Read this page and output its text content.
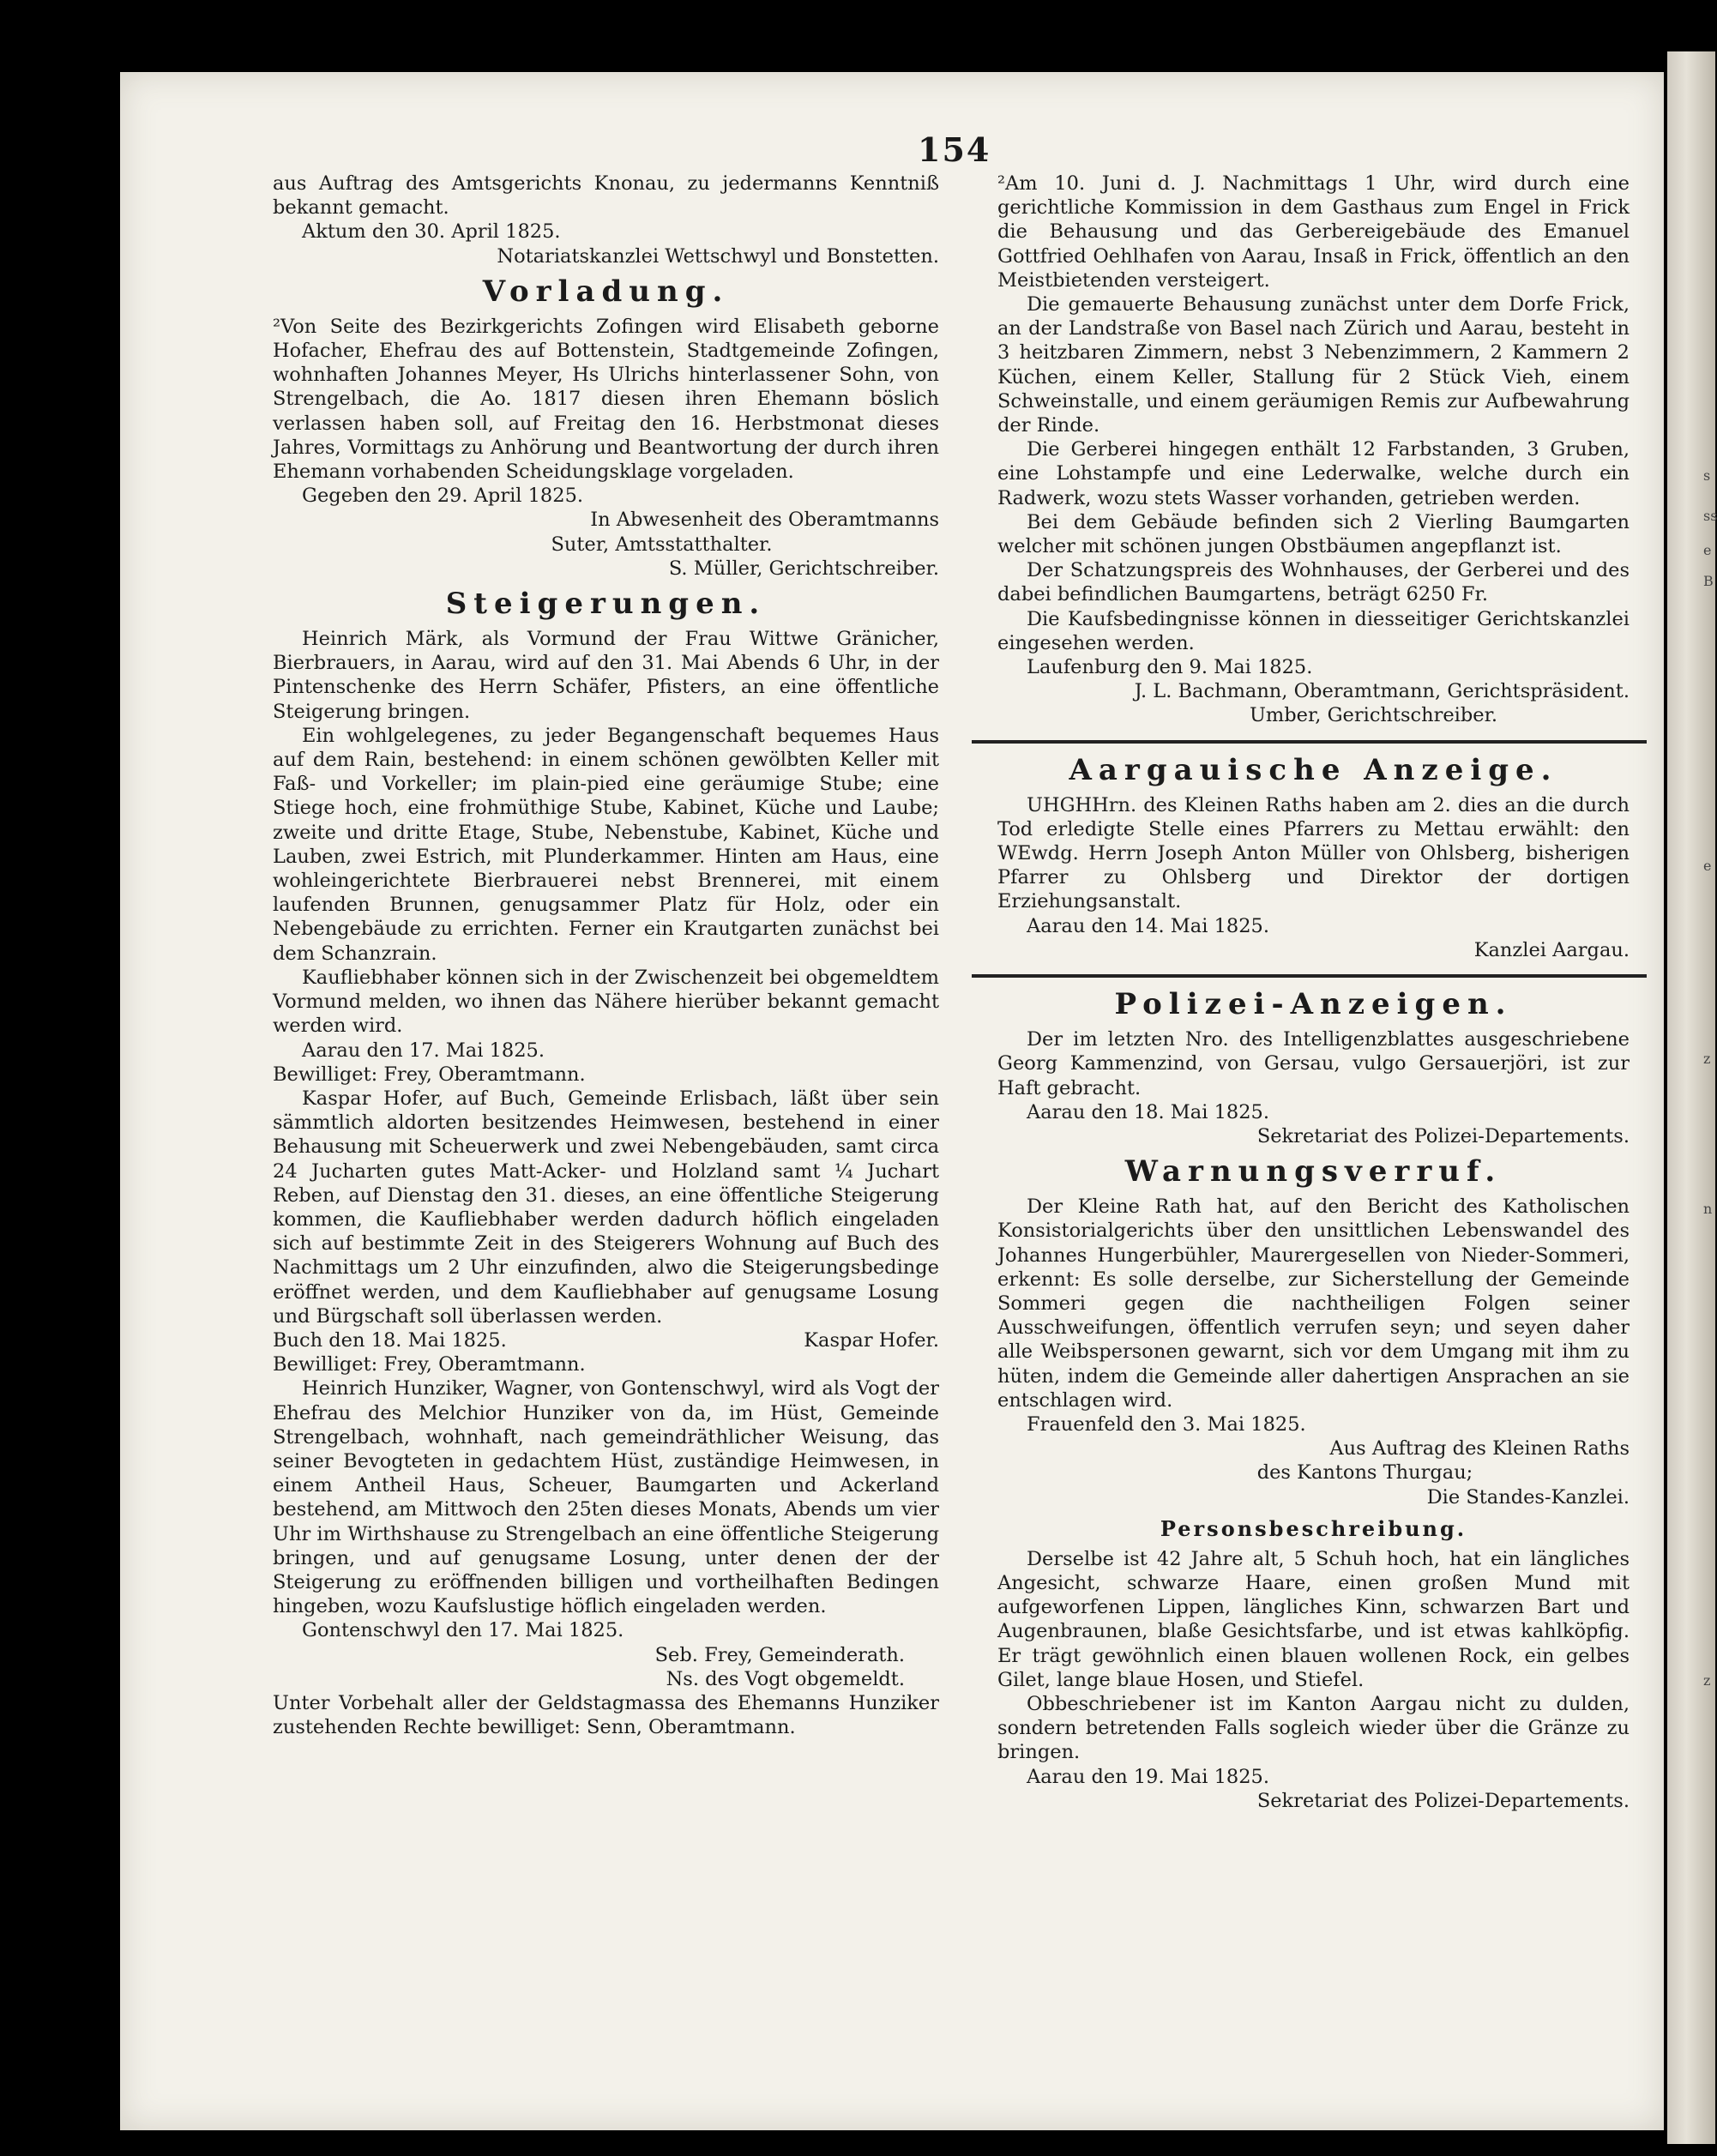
s
ss
e
B
e
z
n
z
154

aus Auftrag des Amtsgerichts Knonau, zu jedermanns Kenntniß bekannt gemacht.

Aktum den 30. April 1825.

Notariatskanzlei Wettschwyl und Bonstetten.

Vorladung.

²Von Seite des Bezirkgerichts Zofingen wird Elisabeth geborne Hofacher, Ehefrau des auf Bottenstein, Stadtgemeinde Zofingen, wohnhaften Johannes Meyer, Hs Ulrichs hinterlassener Sohn, von Strengelbach, die Ao. 1817 diesen ihren Ehemann böslich verlassen haben soll, auf Freitag den 16. Herbstmonat dieses Jahres, Vormittags zu Anhörung und Beantwortung der durch ihren Ehemann vorhabenden Scheidungsklage vorgeladen.

Gegeben den 29. April 1825.

In Abwesenheit des Oberamtmanns

Suter, Amtsstatthalter.

S. Müller, Gerichtschreiber.

Steigerungen.

Heinrich Märk, als Vormund der Frau Wittwe Gränicher, Bierbrauers, in Aarau, wird auf den 31. Mai Abends 6 Uhr, in der Pintenschenke des Herrn Schäfer, Pfisters, an eine öffentliche Steigerung bringen.

Ein wohlgelegenes, zu jeder Begangenschaft bequemes Haus auf dem Rain, bestehend: in einem schönen gewölbten Keller mit Faß- und Vorkeller; im plain-pied eine geräumige Stube; eine Stiege hoch, eine frohmüthige Stube, Kabinet, Küche und Laube; zweite und dritte Etage, Stube, Nebenstube, Kabinet, Küche und Lauben, zwei Estrich, mit Plunderkammer. Hinten am Haus, eine wohleingerichtete Bierbrauerei nebst Brennerei, mit einem laufenden Brunnen, genugsammer Platz für Holz, oder ein Nebengebäude zu errichten. Ferner ein Krautgarten zunächst bei dem Schanzrain.

Kaufliebhaber können sich in der Zwischenzeit bei obgemeldtem Vormund melden, wo ihnen das Nähere hierüber bekannt gemacht werden wird.

Aarau den 17. Mai 1825.

Bewilliget: Frey, Oberamtmann.

Kaspar Hofer, auf Buch, Gemeinde Erlisbach, läßt über sein sämmtlich aldorten besitzendes Heimwesen, bestehend in einer Behausung mit Scheuerwerk und zwei Nebengebäuden, samt circa 24 Jucharten gutes Matt-Acker- und Holzland samt ¼ Juchart Reben, auf Dienstag den 31. dieses, an eine öffentliche Steigerung kommen, die Kaufliebhaber werden dadurch höflich eingeladen sich auf bestimmte Zeit in des Steigerers Wohnung auf Buch des Nachmittags um 2 Uhr einzufinden, alwo die Steigerungsbedinge eröffnet werden, und dem Kaufliebhaber auf genugsame Losung und Bürgschaft soll überlassen werden.

Buch den 18. Mai 1825.	Kaspar Hofer.

Bewilliget: Frey, Oberamtmann.

Heinrich Hunziker, Wagner, von Gontenschwyl, wird als Vogt der Ehefrau des Melchior Hunziker von da, im Hüst, Gemeinde Strengelbach, wohnhaft, nach gemeindräthlicher Weisung, das seiner Bevogteten in gedachtem Hüst, zuständige Heimwesen, in einem Antheil Haus, Scheuer, Baumgarten und Ackerland bestehend, am Mittwoch den 25ten dieses Monats, Abends um vier Uhr im Wirthshause zu Strengelbach an eine öffentliche Steigerung bringen, und auf genugsame Losung, unter denen der der Steigerung zu eröffnenden billigen und vortheilhaften Bedingen hingeben, wozu Kaufslustige höflich eingeladen werden.

Gontenschwyl den 17. Mai 1825.

Seb. Frey, Gemeinderath.

Ns. des Vogt obgemeldt.

Unter Vorbehalt aller der Geldstagmassa des Ehemanns Hunziker zustehenden Rechte bewilliget: Senn, Oberamtmann.

²Am 10. Juni d. J. Nachmittags 1 Uhr, wird durch eine gerichtliche Kommission in dem Gasthaus zum Engel in Frick die Behausung und das Gerbereigebäude des Emanuel Gottfried Oehlhafen von Aarau, Insaß in Frick, öffentlich an den Meistbietenden versteigert.

Die gemauerte Behausung zunächst unter dem Dorfe Frick, an der Landstraße von Basel nach Zürich und Aarau, besteht in 3 heitzbaren Zimmern, nebst 3 Nebenzimmern, 2 Kammern 2 Küchen, einem Keller, Stallung für 2 Stück Vieh, einem Schweinstalle, und einem geräumigen Remis zur Aufbewahrung der Rinde.

Die Gerberei hingegen enthält 12 Farbstanden, 3 Gruben, eine Lohstampfe und eine Lederwalke, welche durch ein Radwerk, wozu stets Wasser vorhanden, getrieben werden.

Bei dem Gebäude befinden sich 2 Vierling Baumgarten welcher mit schönen jungen Obstbäumen angepflanzt ist.

Der Schatzungspreis des Wohnhauses, der Gerberei und des dabei befindlichen Baumgartens, beträgt 6250 Fr.

Die Kaufsbedingnisse können in diesseitiger Gerichtskanzlei eingesehen werden.

Laufenburg den 9. Mai 1825.

J. L. Bachmann, Oberamtmann, Gerichtspräsident.

Umber, Gerichtschreiber.

Aargauische Anzeige.

UHGHHrn. des Kleinen Raths haben am 2. dies an die durch Tod erledigte Stelle eines Pfarrers zu Mettau erwählt: den WEwdg. Herrn Joseph Anton Müller von Ohlsberg, bisherigen Pfarrer zu Ohlsberg und Direktor der dortigen Erziehungsanstalt.

Aarau den 14. Mai 1825.

Kanzlei Aargau.

Polizei-Anzeigen.

Der im letzten Nro. des Intelligenzblattes ausgeschriebene Georg Kammenzind, von Gersau, vulgo Gersauerjöri, ist zur Haft gebracht.

Aarau den 18. Mai 1825.

Sekretariat des Polizei-Departements.

Warnungsverruf.

Der Kleine Rath hat, auf den Bericht des Katholischen Konsistorialgerichts über den unsittlichen Lebenswandel des Johannes Hungerbühler, Maurergesellen von Nieder-Sommeri, erkennt: Es solle derselbe, zur Sicherstellung der Gemeinde Sommeri gegen die nachtheiligen Folgen seiner Ausschweifungen, öffentlich verrufen seyn; und seyen daher alle Weibspersonen gewarnt, sich vor dem Umgang mit ihm zu hüten, indem die Gemeinde aller dahertigen Ansprachen an sie entschlagen wird.

Frauenfeld den 3. Mai 1825.

Aus Auftrag des Kleinen Raths

des Kantons Thurgau;

Die Standes-Kanzlei.

Personsbeschreibung.

Derselbe ist 42 Jahre alt, 5 Schuh hoch, hat ein längliches Angesicht, schwarze Haare, einen großen Mund mit aufgeworfenen Lippen, längliches Kinn, schwarzen Bart und Augenbraunen, blaße Gesichtsfarbe, und ist etwas kahlköpfig. Er trägt gewöhnlich einen blauen wollenen Rock, ein gelbes Gilet, lange blaue Hosen, und Stiefel.

Obbeschriebener ist im Kanton Aargau nicht zu dulden, sondern betretenden Falls sogleich wieder über die Gränze zu bringen.

Aarau den 19. Mai 1825.

Sekretariat des Polizei-Departements.
